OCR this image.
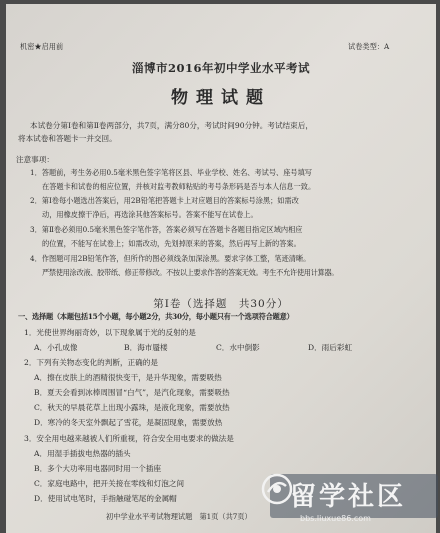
机密★启用前	试卷类型：A
淄博市2016年初中学业水平考试
物理试题
本试卷分第Ⅰ卷和第Ⅱ卷两部分，共7页，满分80分，考试时间90分钟。考试结束后，
将本试卷和答题卡一并交回。
注意事项：
1．答题前，考生务必用0.5毫米黑色签字笔将区县、毕业学校、姓名、考试号、座号填写
在答题卡和试卷的相应位置，并核对监考教师粘贴的考号条形码是否与本人信息一致。
2．第Ⅰ卷每小题选出答案后，用2B铅笔把答题卡上对应题目的答案标号涂黑；如需改
动，用橡皮擦干净后，再选涂其他答案标号。答案不能写在试卷上。
3．第Ⅱ卷必须用0.5毫米黑色签字笔作答，答案必须写在答题卡各题目指定区域内相应
的位置，不能写在试卷上；如需改动，先划掉原来的答案，然后再写上新的答案。
4．作图题可用2B铅笔作答，但所作的图必须线条加深涂黑。要求字体工整，笔迹清晰。
严禁使用涂改液、胶带纸、修正带修改。不按以上要求作答的答案无效。考生不允许使用计算器。
第Ⅰ卷（选择题　共30分）
一、选择题（本题包括15个小题，每小题2分，共30分，每小题只有一个选项符合题意）
1．光使世界绚丽奇妙，以下现象属于光的反射的是
A．小孔成像	B．海市蜃楼	C．水中倒影	D．雨后彩虹
2．下列有关物态变化的判断，正确的是
A．擦在皮肤上的酒精很快变干，是升华现象，需要吸热
B．夏天会看到冰棒周围冒“白气”，是汽化现象，需要吸热
C．秋天的早晨花草上出现小露珠，是液化现象，需要放热
D．寒冷的冬天室外飘起了雪花，是凝固现象，需要放热
3．安全用电越来越被人们所重视，符合安全用电要求的做法是
A．用湿手插拔电热器的插头
B．多个大功率用电器同时用一个插座
C．家庭电路中，把开关接在零线和灯泡之间
D．使用试电笔时，手指触碰笔尾的金属帽
初中学业水平考试物理试题　第1页（共7页）
留学社区
bbs.liuxue86.com
